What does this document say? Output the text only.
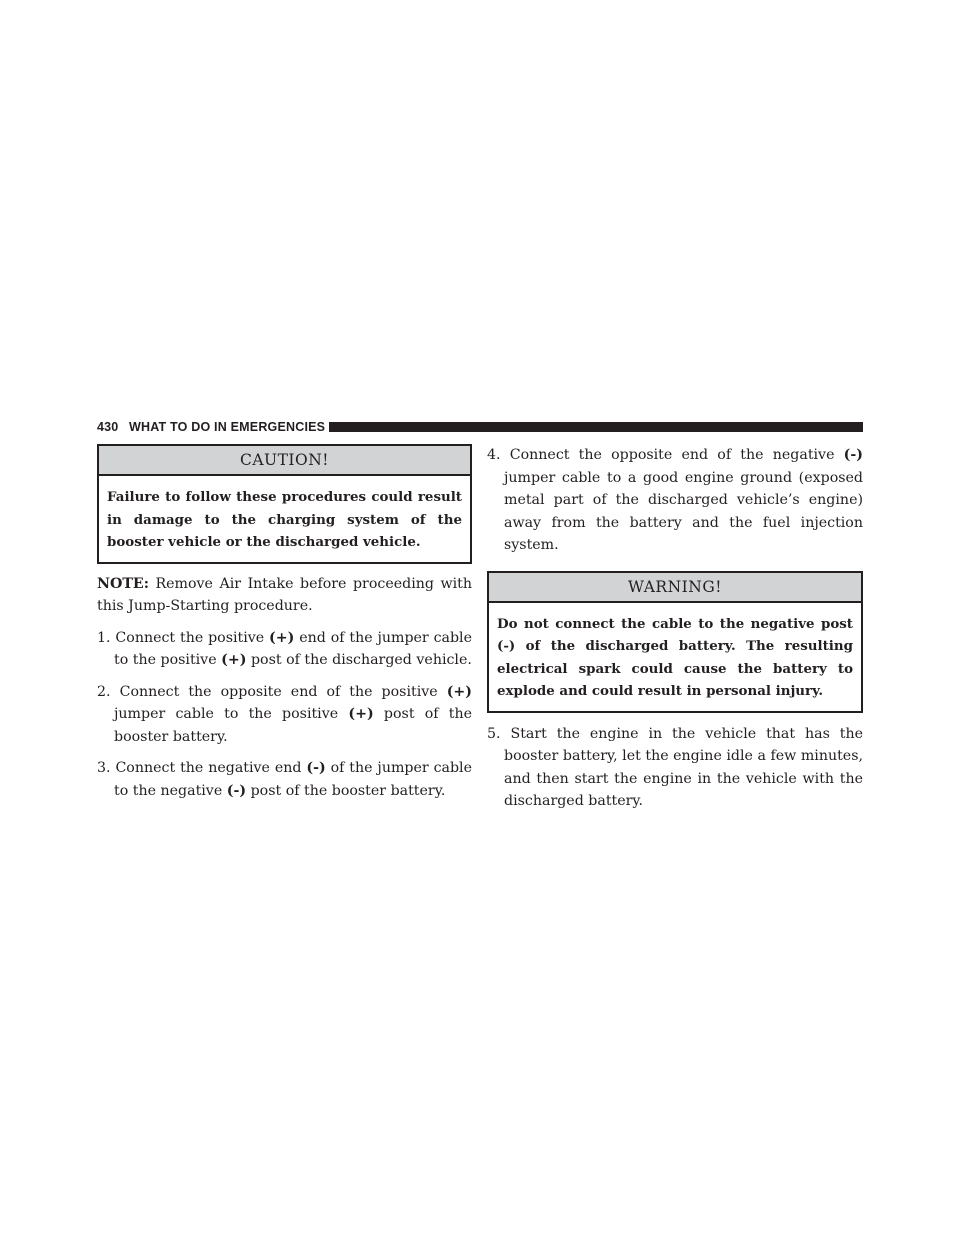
430 WHAT TO DO IN EMERGENCIES
CAUTION!
Failure to follow these procedures could result in damage to the charging system of the booster vehicle or the discharged vehicle.

NOTE: Remove Air Intake before proceeding with this Jump-Starting procedure.

1. Connect the positive (+) end of the jumper cable to the positive (+) post of the discharged vehicle.

2. Connect the opposite end of the positive (+) jumper cable to the positive (+) post of the booster battery.

3. Connect the negative end (-) of the jumper cable to the negative (-) post of the booster battery.

4. Connect the opposite end of the negative (-) jumper cable to a good engine ground (exposed metal part of the discharged vehicle’s engine) away from the battery and the fuel injection system.

WARNING!
Do not connect the cable to the negative post (-) of the discharged battery. The resulting electrical spark could cause the battery to explode and could result in personal injury.

5. Start the engine in the vehicle that has the booster battery, let the engine idle a few minutes, and then start the engine in the vehicle with the discharged battery.
